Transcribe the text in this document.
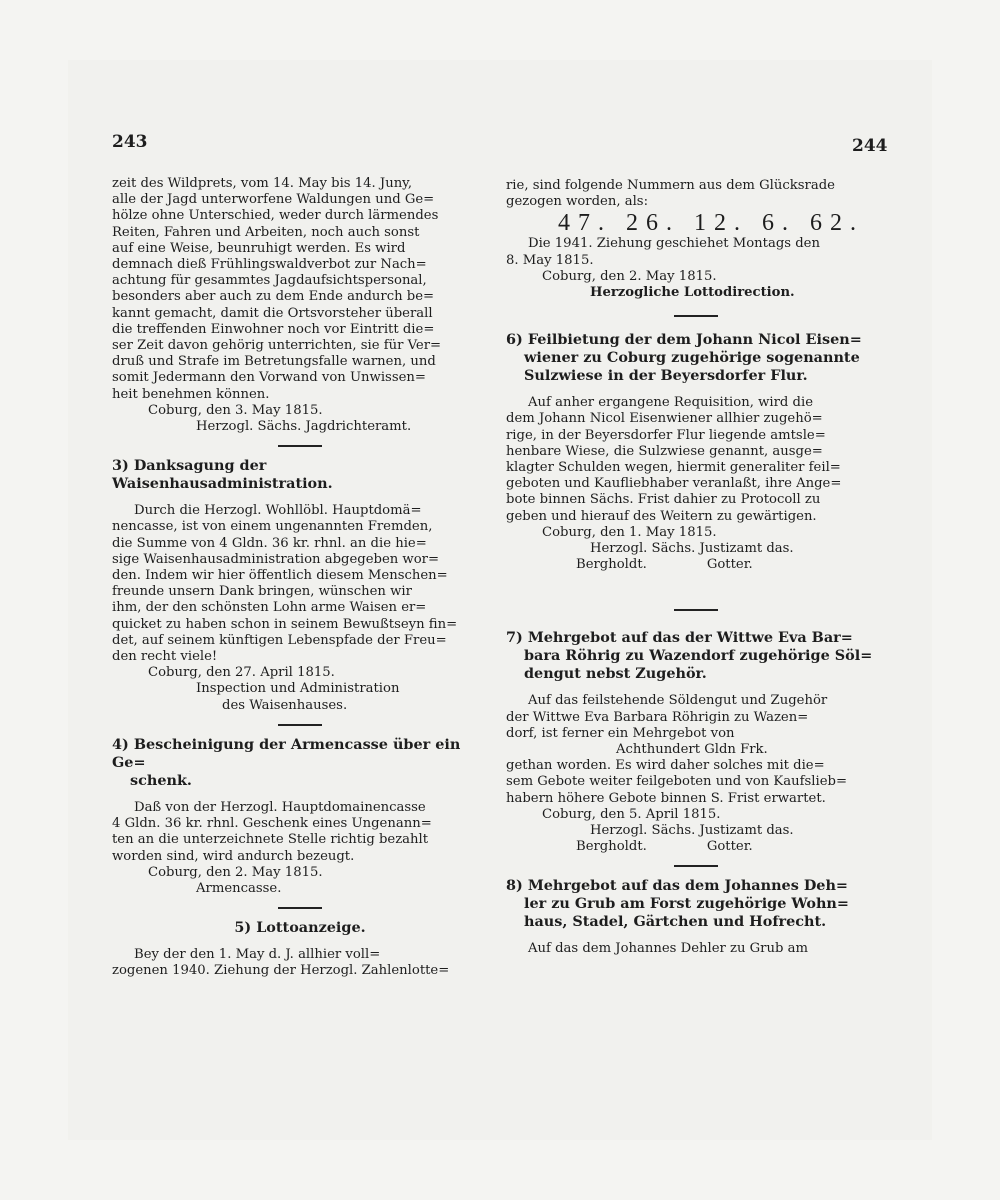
243	244

zeit des Wildprets, vom 14. May bis 14. Juny,

alle der Jagd unterworfene Waldungen und Ge=

hölze ohne Unterschied, weder durch lärmendes

Reiten, Fahren und Arbeiten, noch auch sonst

auf eine Weise, beunruhigt werden. Es wird

demnach dieß Frühlingswaldverbot zur Nach=

achtung für gesammtes Jagdaufsichtspersonal,

besonders aber auch zu dem Ende andurch be=

kannt gemacht, damit die Ortsvorsteher überall

die treffenden Einwohner noch vor Eintritt die=

ser Zeit davon gehörig unterrichten, sie für Ver=

druß und Strafe im Betretungsfalle warnen, und

somit Jedermann den Vorwand von Unwissen=

heit benehmen können.

Coburg, den 3. May 1815.

Herzogl. Sächs. Jagdrichteramt.

3) Danksagung der Waisenhausadministration.

Durch die Herzogl. Wohllöbl. Hauptdomä=

nencasse, ist von einem ungenannten Fremden,

die Summe von 4 Gldn. 36 kr. rhnl. an die hie=

sige Waisenhausadministration abgegeben wor=

den. Indem wir hier öffentlich diesem Menschen=

freunde unsern Dank bringen, wünschen wir

ihm, der den schönsten Lohn arme Waisen er=

quicket zu haben schon in seinem Bewußtseyn fin=

det, auf seinem künftigen Lebenspfade der Freu=

den recht viele!

Coburg, den 27. April 1815.

Inspection und Administration

des Waisenhauses.

4) Bescheinigung der Armencasse über ein Ge=
schenk.

Daß von der Herzogl. Hauptdomainencasse

4 Gldn. 36 kr. rhnl. Geschenk eines Ungenann=

ten an die unterzeichnete Stelle richtig bezahlt

worden sind, wird andurch bezeugt.

Coburg, den 2. May 1815.

Armencasse.

5) Lottoanzeige.

Bey der den 1. May d. J. allhier voll=

zogenen 1940. Ziehung der Herzogl. Zahlenlotte=

rie, sind folgende Nummern aus dem Glücksrade

gezogen worden, als:

47. 26. 12. 6. 62.

Die 1941. Ziehung geschiehet Montags den

8. May 1815.

Coburg, den 2. May 1815.

Herzogliche Lottodirection.

6) Feilbietung der dem Johann Nicol Eisen=
wiener zu Coburg zugehörige sogenannte
Sulzwiese in der Beyersdorfer Flur.

Auf anher ergangene Requisition, wird die

dem Johann Nicol Eisenwiener allhier zugehö=

rige, in der Beyersdorfer Flur liegende amtsle=

henbare Wiese, die Sulzwiese genannt, ausge=

klagter Schulden wegen, hiermit generaliter feil=

geboten und Kaufliebhaber veranlaßt, ihre Ange=

bote binnen Sächs. Frist dahier zu Protocoll zu

geben und hierauf des Weitern zu gewärtigen.

Coburg, den 1. May 1815.

Herzogl. Sächs. Justizamt das.

Bergholdt.	Gotter.

7) Mehrgebot auf das der Wittwe Eva Bar=
bara Röhrig zu Wazendorf zugehörige Söl=
dengut nebst Zugehör.

Auf das feilstehende Söldengut und Zugehör

der Wittwe Eva Barbara Röhrigin zu Wazen=

dorf, ist ferner ein Mehrgebot von

Achthundert Gldn Frk.

gethan worden. Es wird daher solches mit die=

sem Gebote weiter feilgeboten und von Kaufslieb=

habern höhere Gebote binnen S. Frist erwartet.

Coburg, den 5. April 1815.

Herzogl. Sächs. Justizamt das.

Bergholdt.	Gotter.

8) Mehrgebot auf das dem Johannes Deh=
ler zu Grub am Forst zugehörige Wohn=
haus, Stadel, Gärtchen und Hofrecht.

Auf das dem Johannes Dehler zu Grub am
